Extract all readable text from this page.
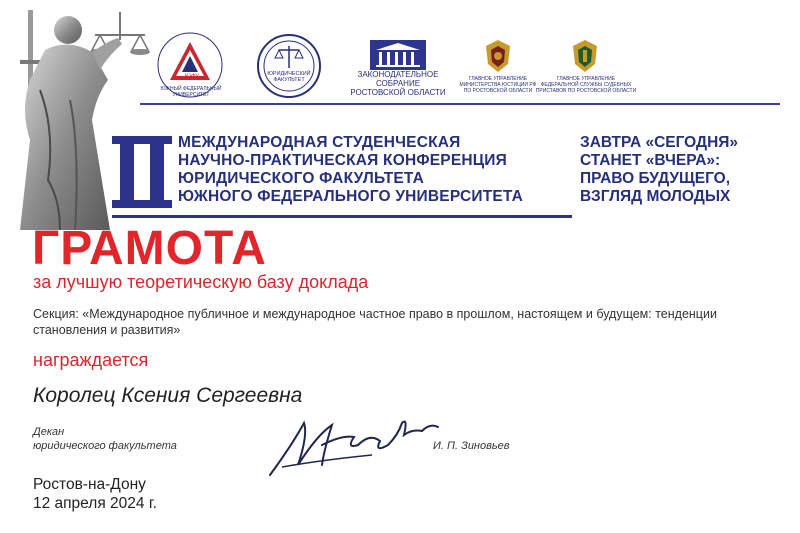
ЮФУ
ЮЖНЫЙ ФЕДЕРАЛЬНЫЙ УНИВЕРСИТЕТ
ЮРИДИЧЕСКИЙ ФАКУЛЬТЕТ
ЗАКОНОДАТЕЛЬНОЕ
СОБРАНИЕ
РОСТОВСКОЙ ОБЛАСТИ
ГЛАВНОЕ УПРАВЛЕНИЕ
МИНИСТЕРСТВА ЮСТИЦИИ РФ
ПО РОСТОВСКОЙ ОБЛАСТИ
ГЛАВНОЕ УПРАВЛЕНИЕ
ФЕДЕРАЛЬНОЙ СЛУЖБЫ СУДЕБНЫХ
ПРИСТАВОВ ПО РОСТОВСКОЙ ОБЛАСТИ
МЕЖДУНАРОДНАЯ СТУДЕНЧЕСКАЯ
НАУЧНО-ПРАКТИЧЕСКАЯ КОНФЕРЕНЦИЯ
ЮРИДИЧЕСКОГО ФАКУЛЬТЕТА
ЮЖНОГО ФЕДЕРАЛЬНОГО УНИВЕРСИТЕТА
ЗАВТРА «СЕГОДНЯ»
СТАНЕТ «ВЧЕРА»:
ПРАВО БУДУЩЕГО,
ВЗГЛЯД МОЛОДЫХ
ГРАМОТА
за лучшую теоретическую базу доклада
Секция: «Международное публичное и международное частное право в прошлом, настоящем и будущем: тенденции становления и развития»
награждается
Королец Ксения Сергеевна
Декан
юридического факультета	И. П. Зиновьев
Ростов-на-Дону
12 апреля 2024 г.
